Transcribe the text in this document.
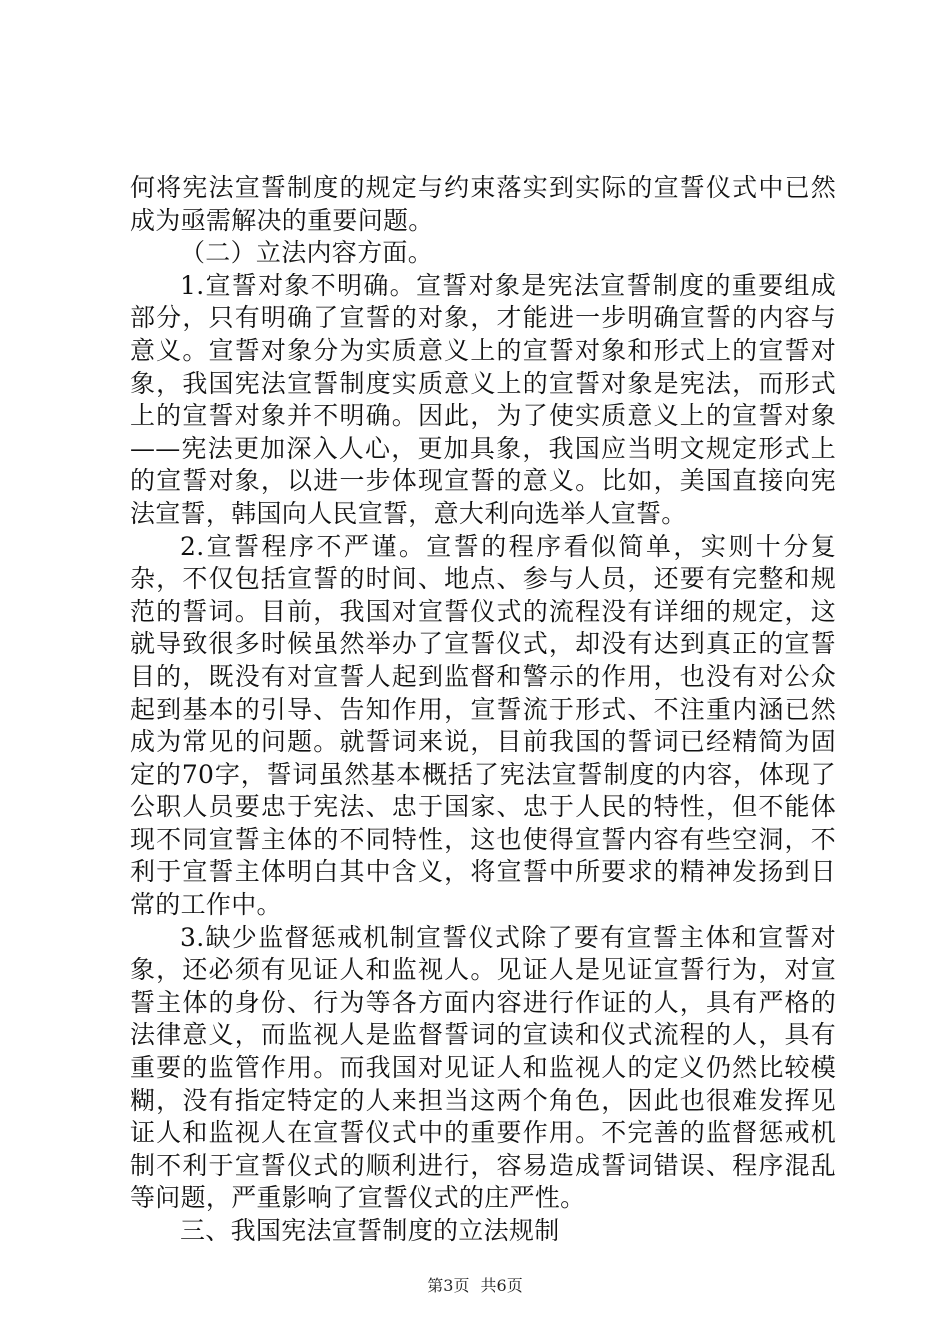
何将宪法宣誓制度的规定与约束落实到实际的宣誓仪式中已然成为亟需解决的重要问题。

（二）立法内容方面。

1.宣誓对象不明确。宣誓对象是宪法宣誓制度的重要组成部分，只有明确了宣誓的对象，才能进一步明确宣誓的内容与意义。宣誓对象分为实质意义上的宣誓对象和形式上的宣誓对象，我国宪法宣誓制度实质意义上的宣誓对象是宪法，而形式上的宣誓对象并不明确。因此，为了使实质意义上的宣誓对象——宪法更加深入人心，更加具象，我国应当明文规定形式上的宣誓对象，以进一步体现宣誓的意义。比如，美国直接向宪法宣誓，韩国向人民宣誓，意大利向选举人宣誓。

2.宣誓程序不严谨。宣誓的程序看似简单，实则十分复杂，不仅包括宣誓的时间、地点、参与人员，还要有完整和规范的誓词。目前，我国对宣誓仪式的流程没有详细的规定，这就导致很多时候虽然举办了宣誓仪式，却没有达到真正的宣誓目的，既没有对宣誓人起到监督和警示的作用，也没有对公众起到基本的引导、告知作用，宣誓流于形式、不注重内涵已然成为常见的问题。就誓词来说，目前我国的誓词已经精简为固定的70字，誓词虽然基本概括了宪法宣誓制度的内容，体现了公职人员要忠于宪法、忠于国家、忠于人民的特性，但不能体现不同宣誓主体的不同特性，这也使得宣誓内容有些空洞，不利于宣誓主体明白其中含义，将宣誓中所要求的精神发扬到日常的工作中。

3.缺少监督惩戒机制宣誓仪式除了要有宣誓主体和宣誓对象，还必须有见证人和监视人。见证人是见证宣誓行为，对宣誓主体的身份、行为等各方面内容进行作证的人，具有严格的法律意义，而监视人是监督誓词的宣读和仪式流程的人，具有重要的监管作用。而我国对见证人和监视人的定义仍然比较模糊，没有指定特定的人来担当这两个角色，因此也很难发挥见证人和监视人在宣誓仪式中的重要作用。不完善的监督惩戒机制不利于宣誓仪式的顺利进行，容易造成誓词错误、程序混乱等问题，严重影响了宣誓仪式的庄严性。

三、我国宪法宣誓制度的立法规制

第3页 共6页
